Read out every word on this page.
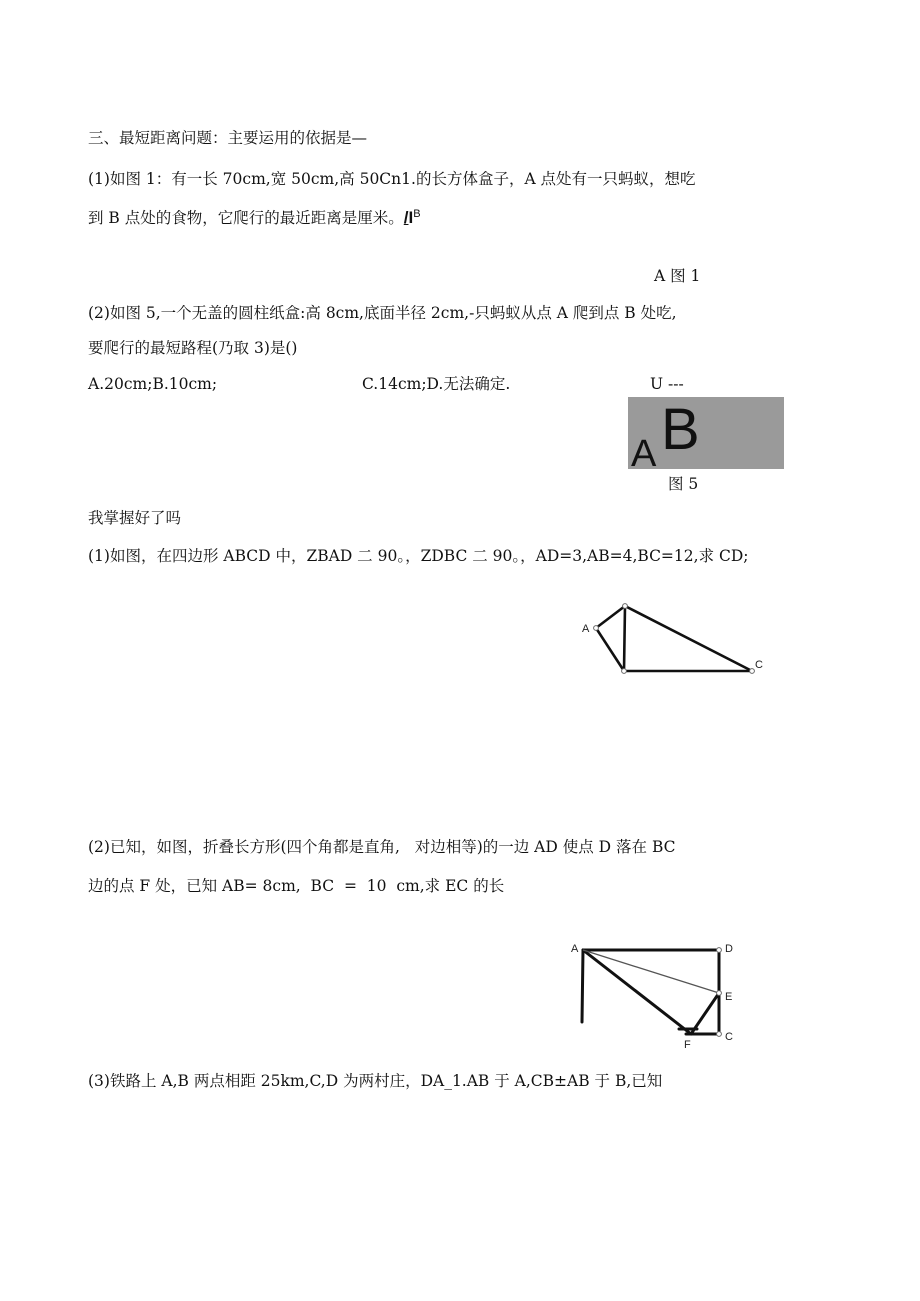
三、最短距离问题：主要运用的依据是—
(1)如图 1：有一长 70cm,宽 50cm,高 50Cn1.的长方体盒子，A 点处有一只蚂蚁，想吃
到 B 点处的食物，它爬行的最近距离是厘米。$/I^B$
A 图 1
(2)如图 5,一个无盖的圆柱纸盒:高 8cm,底面半径 2cm,-只蚂蚁从点 A 爬到点 B 处吃,
要爬行的最短路程(乃取 3)是()
A.20cm;B.10cm;	C.14cm;D.无法确定.	U ---
A B
图 5
我掌握好了吗
(1)如图，在四边形 ABCD 中，ZBAD 二 90。，ZDBC 二 90。，AD=3,AB=4,BC=12,求 CD;
A
C
(2)已知，如图，折叠长方形(四个角都是直角,   对边相等)的一边 AD 使点 D 落在 BC
边的点 F 处，已知 AB= 8cm,  BC  =  10  cm,求 EC 的长
A	D
E
F
C
(3)铁路上 A,B 两点相距 25km,C,D 为两村庄，DA_1.AB 于 A,CB±AB 于 B,已知
